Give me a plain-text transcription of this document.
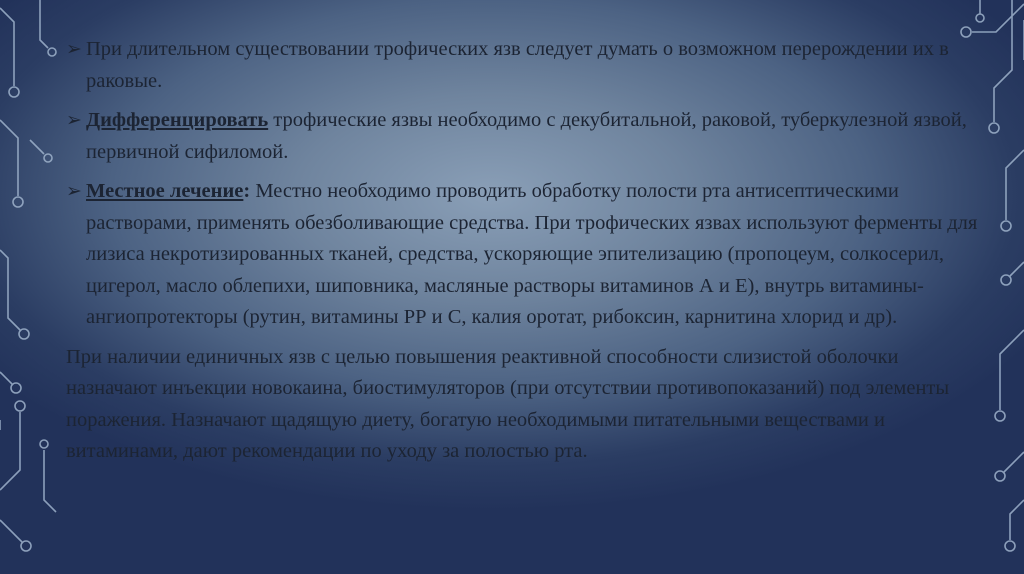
➢ При длительном существовании трофических язв следует думать о возможном перерождении их в раковые.
➢ Дифференцировать трофические язвы необходимо с декубитальной, раковой, туберкулезной язвой, первичной сифиломой.
➢ Местное лечение: Местно необходимо проводить обработку полости рта антисептическими растворами, применять обезболивающие средства. При трофических язвах используют ферменты для лизиса некротизированных тканей, средства, ускоряющие эпителизацию (пропоцеум, солкосерил, цигерол, масло облепихи, шиповника, масляные растворы витаминов А и Е), внутрь витамины-ангиопротекторы (рутин, витамины РР и С, калия оротат, рибоксин, карнитина хлорид и др).
При наличии единичных язв с целью повышения реактивной способности слизистой оболочки назначают инъекции новокаина, биостимуляторов (при отсутствии противопоказаний) под элементы поражения. Назначают щадящую диету, богатую необходимыми питательными веществами и витаминами, дают рекомендации по уходу за полостью рта.
